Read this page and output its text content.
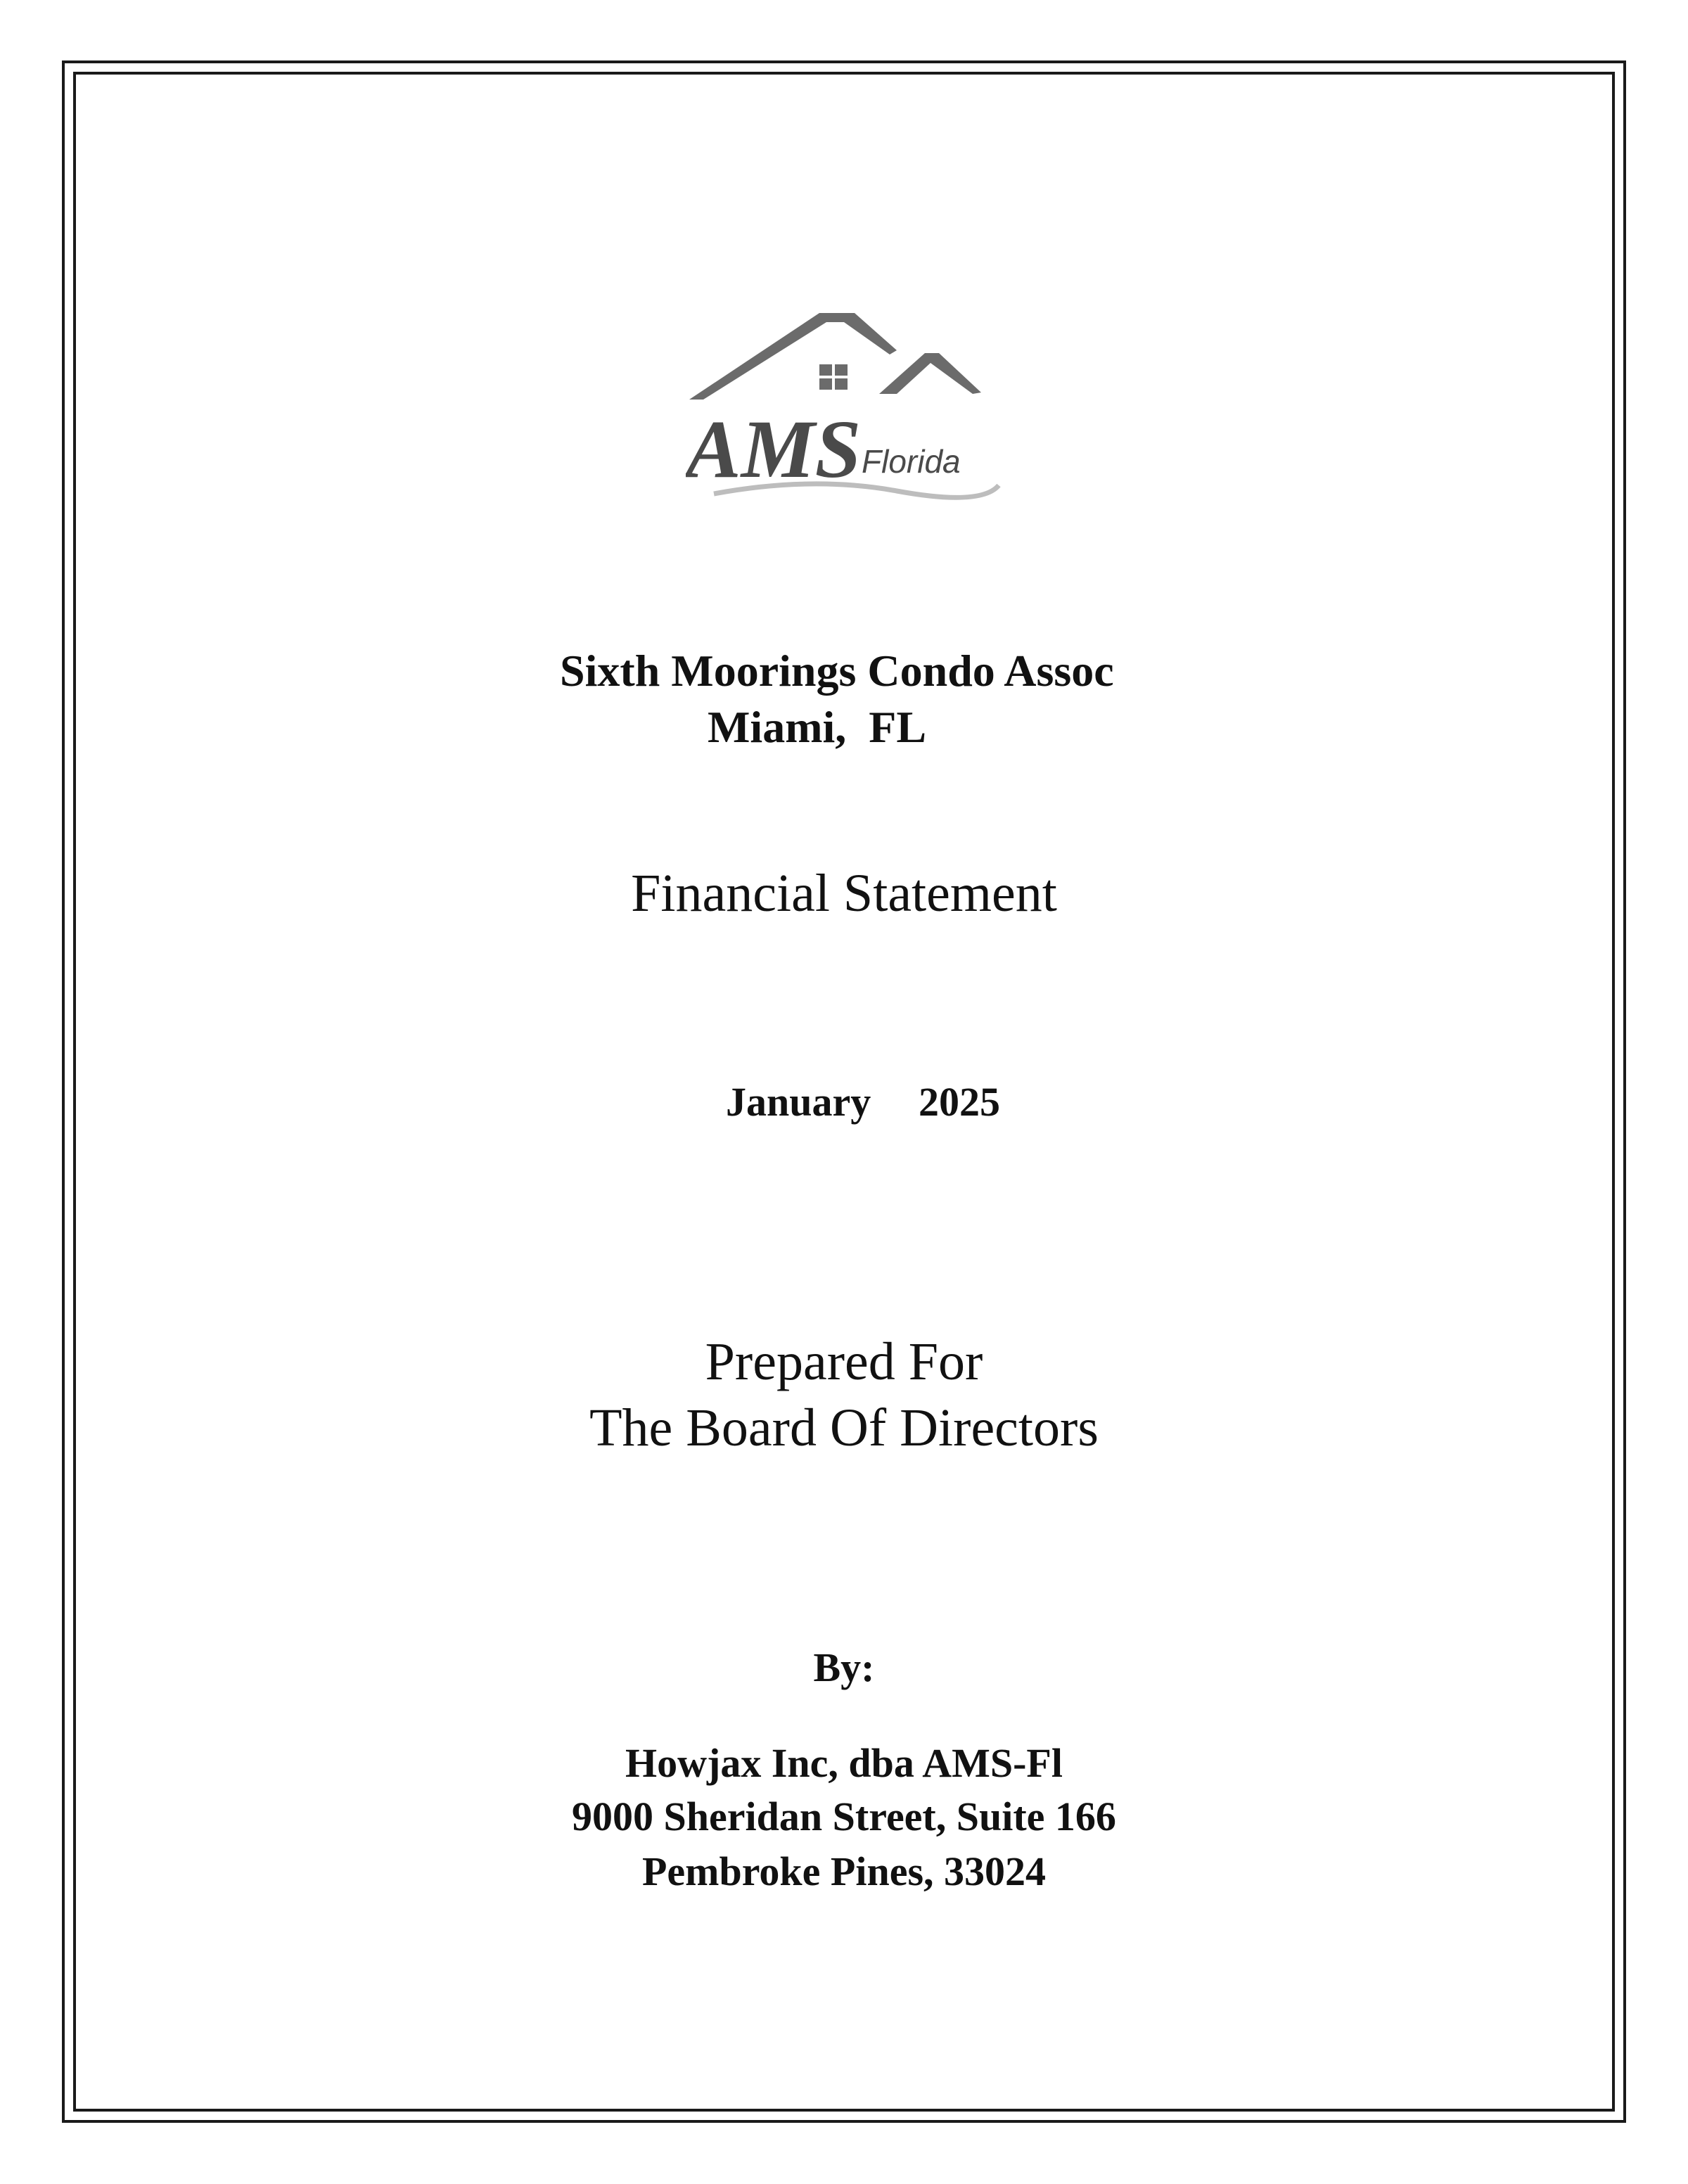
AMS Florida
Sixth Moorings Condo Assoc
Miami,  FL
Financial Statement
January 2025
Prepared For
The Board Of Directors
By:
Howjax Inc, dba AMS-Fl
9000 Sheridan Street, Suite 166
Pembroke Pines, 33024
